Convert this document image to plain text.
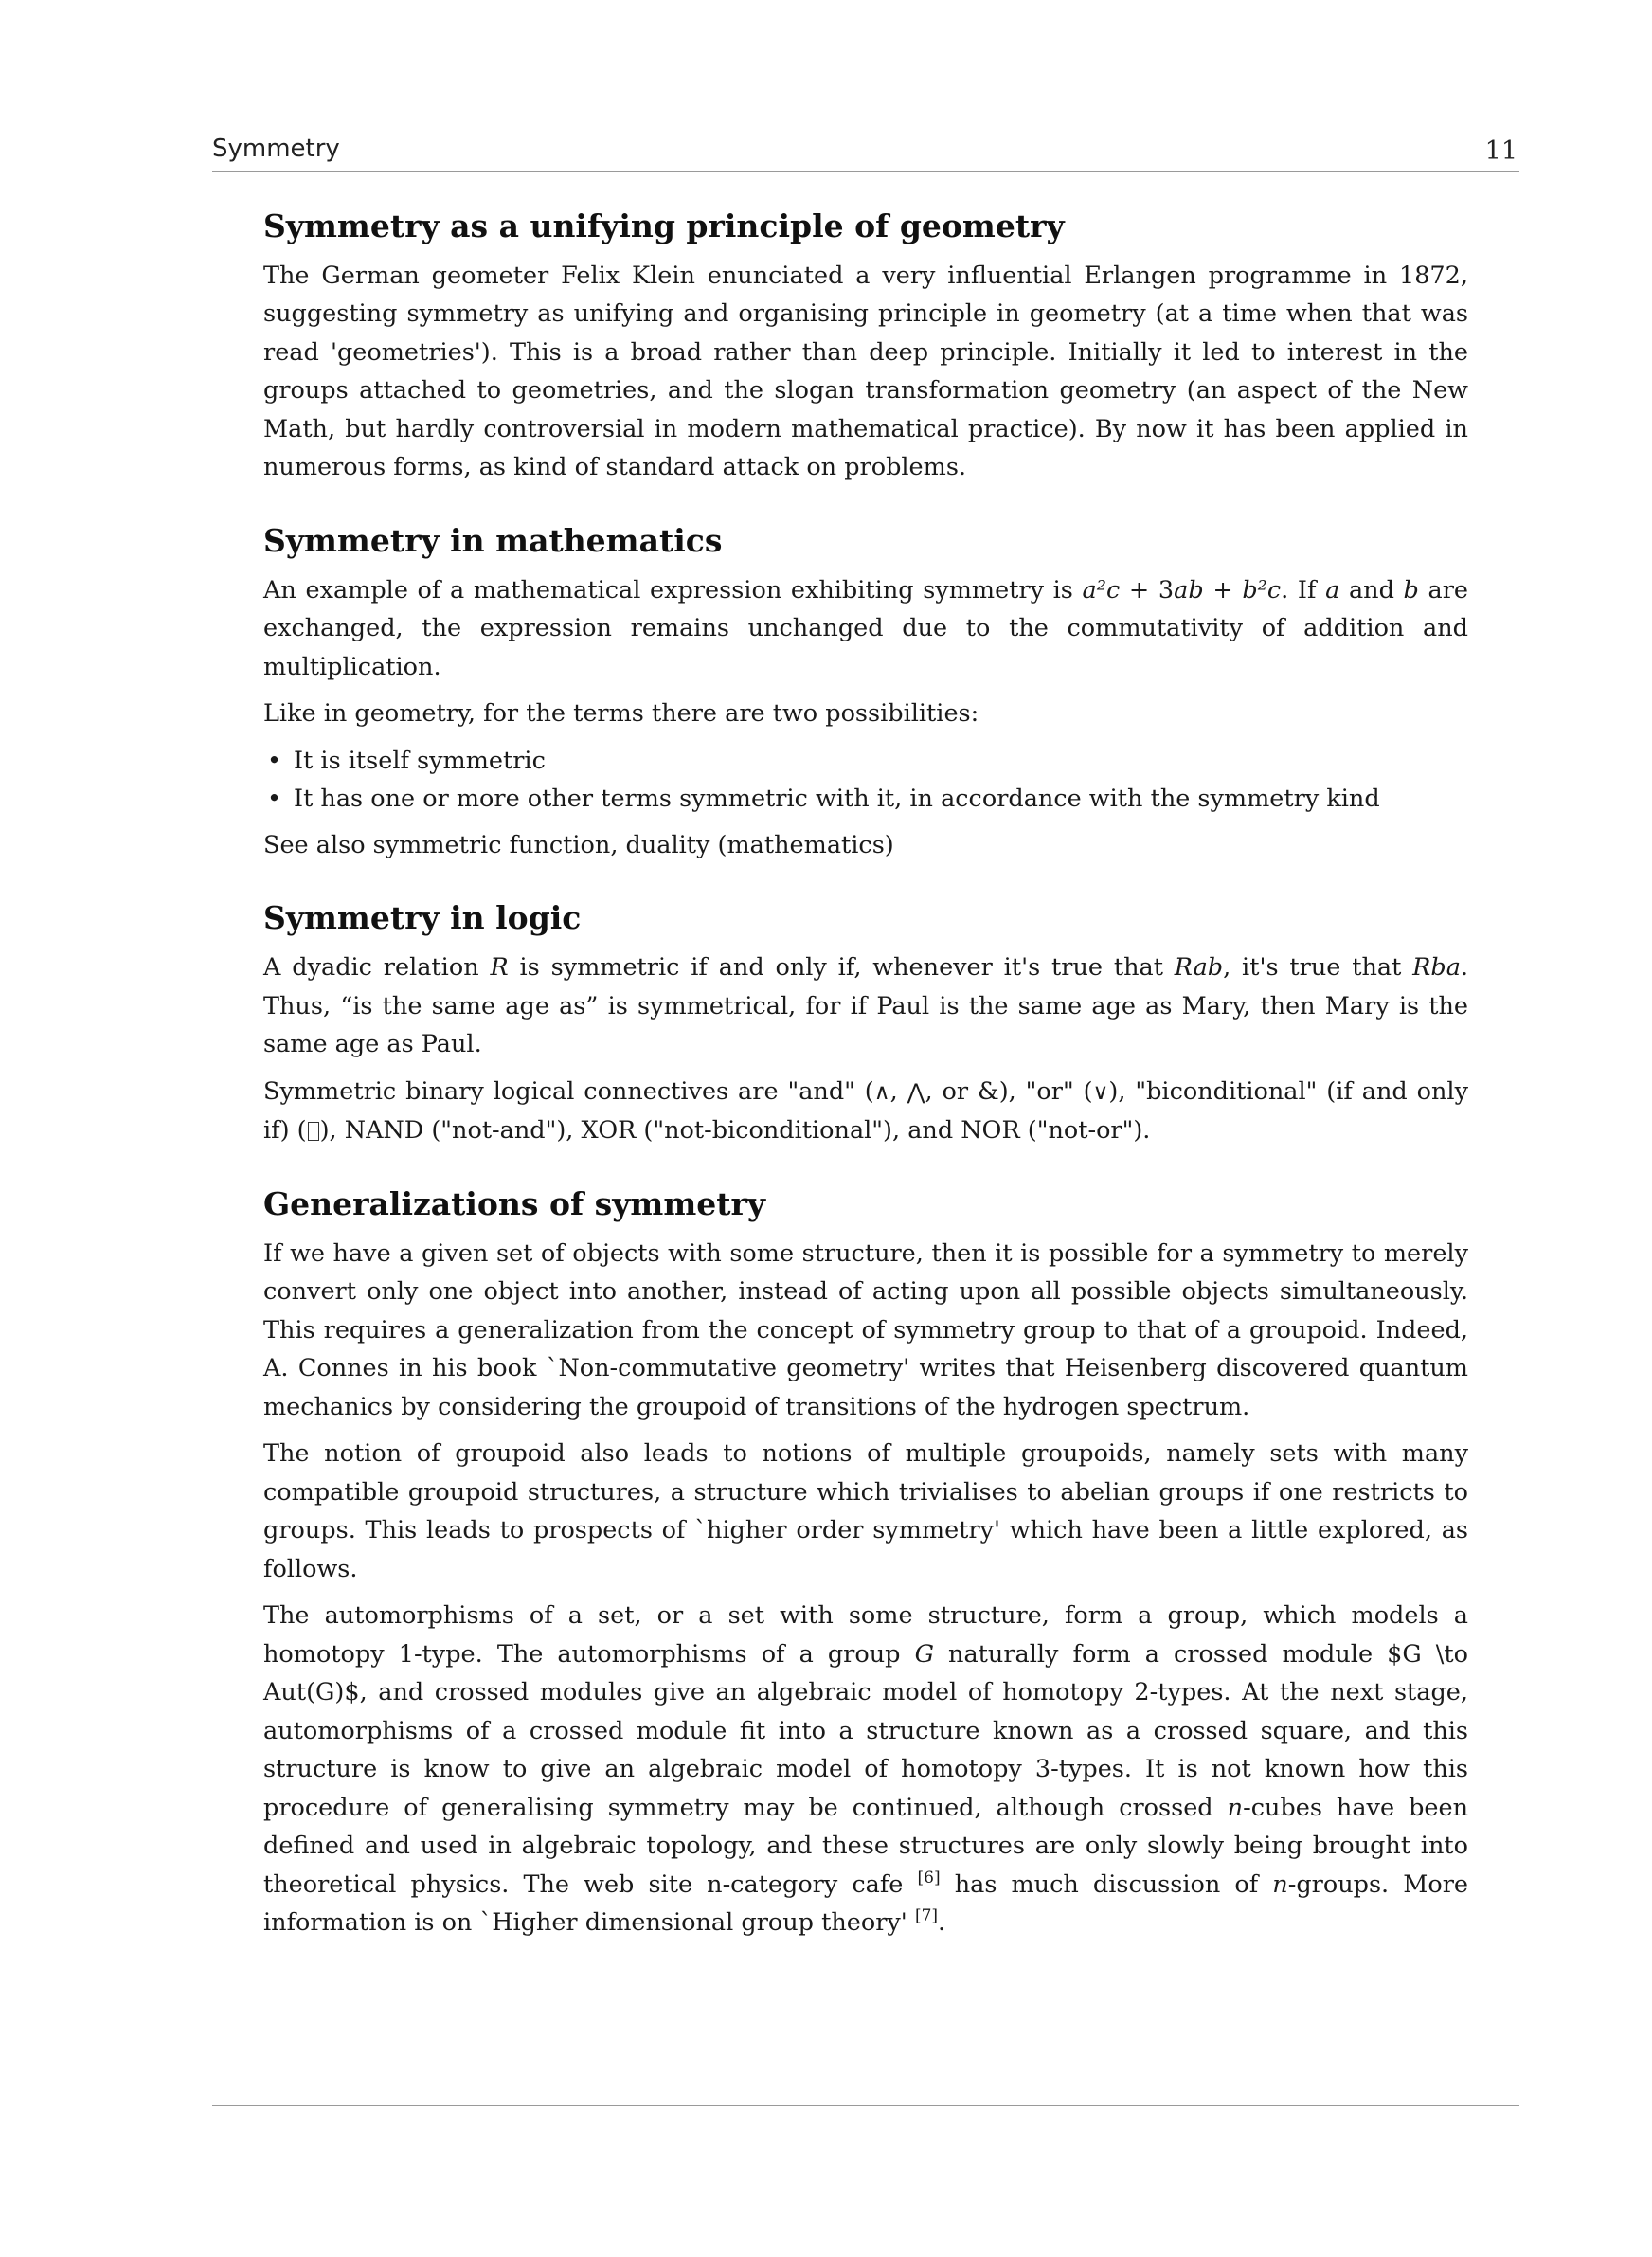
Symmetry	11
Symmetry as a unifying principle of geometry

The German geometer Felix Klein enunciated a very influential Erlangen programme in 1872, suggesting symmetry as unifying and organising principle in geometry (at a time when that was read 'geometries'). This is a broad rather than deep principle. Initially it led to interest in the groups attached to geometries, and the slogan transformation geometry (an aspect of the New Math, but hardly controversial in modern mathematical practice). By now it has been applied in numerous forms, as kind of standard attack on problems.

Symmetry in mathematics

An example of a mathematical expression exhibiting symmetry is a²c + 3ab + b²c. If a and b are exchanged, the expression remains unchanged due to the commutativity of addition and multiplication.

Like in geometry, for the terms there are two possibilities:

• It is itself symmetric
• It has one or more other terms symmetric with it, in accordance with the symmetry kind

See also symmetric function, duality (mathematics)

Symmetry in logic

A dyadic relation R is symmetric if and only if, whenever it's true that Rab, it's true that Rba. Thus, “is the same age as” is symmetrical, for if Paul is the same age as Mary, then Mary is the same age as Paul.

Symmetric binary logical connectives are "and" (∧, ⋀, or &), "or" (∨), "biconditional" (if and only if) ( ), NAND ("not-and"), XOR ("not-biconditional"), and NOR ("not-or").

Generalizations of symmetry

If we have a given set of objects with some structure, then it is possible for a symmetry to merely convert only one object into another, instead of acting upon all possible objects simultaneously. This requires a generalization from the concept of symmetry group to that of a groupoid. Indeed, A. Connes in his book `Non-commutative geometry' writes that Heisenberg discovered quantum mechanics by considering the groupoid of transitions of the hydrogen spectrum.

The notion of groupoid also leads to notions of multiple groupoids, namely sets with many compatible groupoid structures, a structure which trivialises to abelian groups if one restricts to groups. This leads to prospects of `higher order symmetry' which have been a little explored, as follows.

The automorphisms of a set, or a set with some structure, form a group, which models a homotopy 1-type. The automorphisms of a group G naturally form a crossed module $G \to Aut(G)$, and crossed modules give an algebraic model of homotopy 2-types. At the next stage, automorphisms of a crossed module fit into a structure known as a crossed square, and this structure is know to give an algebraic model of homotopy 3-types. It is not known how this procedure of generalising symmetry may be continued, although crossed n-cubes have been defined and used in algebraic topology, and these structures are only slowly being brought into theoretical physics. The web site n-category cafe [6] has much discussion of n-groups. More information is on `Higher dimensional group theory' [7].
